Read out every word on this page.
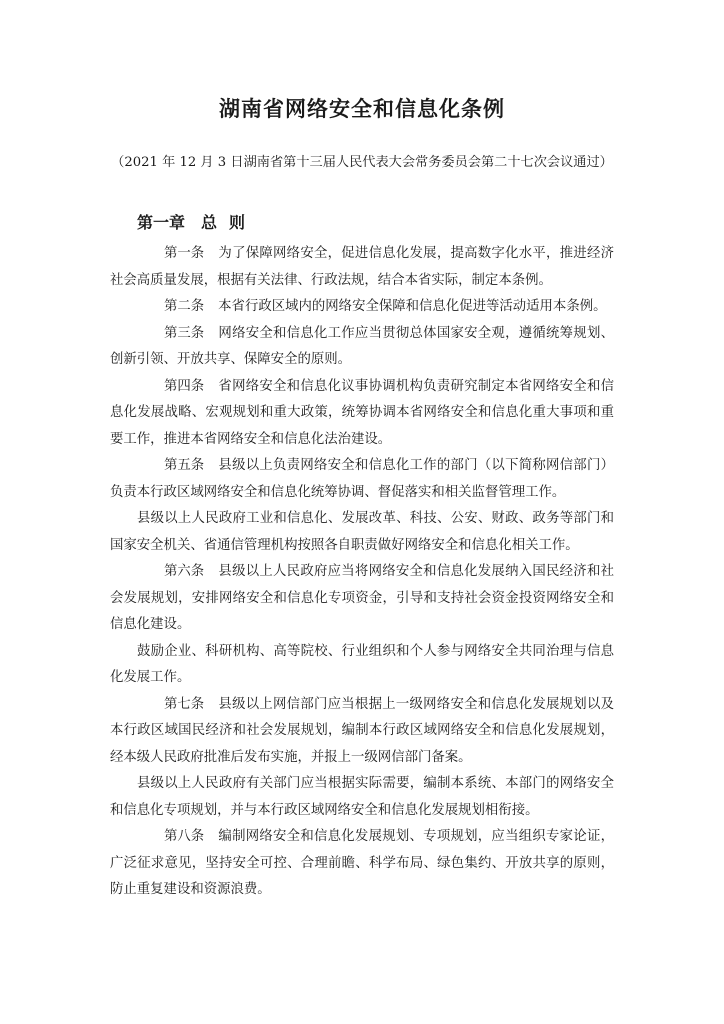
湖南省网络安全和信息化条例

（2021 年 12 月 3 日湖南省第十三届人民代表大会常务委员会第二十七次会议通过）

第一章 总 则

第一条 为了保障网络安全，促进信息化发展，提高数字化水平，推进经济社会高质量发展，根据有关法律、行政法规，结合本省实际，制定本条例。

第二条 本省行政区域内的网络安全保障和信息化促进等活动适用本条例。

第三条 网络安全和信息化工作应当贯彻总体国家安全观，遵循统筹规划、创新引领、开放共享、保障安全的原则。

第四条 省网络安全和信息化议事协调机构负责研究制定本省网络安全和信息化发展战略、宏观规划和重大政策，统筹协调本省网络安全和信息化重大事项和重要工作，推进本省网络安全和信息化法治建设。

第五条 县级以上负责网络安全和信息化工作的部门（以下简称网信部门）负责本行政区域网络安全和信息化统筹协调、督促落实和相关监督管理工作。

县级以上人民政府工业和信息化、发展改革、科技、公安、财政、政务等部门和国家安全机关、省通信管理机构按照各自职责做好网络安全和信息化相关工作。

第六条 县级以上人民政府应当将网络安全和信息化发展纳入国民经济和社会发展规划，安排网络安全和信息化专项资金，引导和支持社会资金投资网络安全和信息化建设。

鼓励企业、科研机构、高等院校、行业组织和个人参与网络安全共同治理与信息化发展工作。

第七条 县级以上网信部门应当根据上一级网络安全和信息化发展规划以及本行政区域国民经济和社会发展规划，编制本行政区域网络安全和信息化发展规划，经本级人民政府批准后发布实施，并报上一级网信部门备案。

县级以上人民政府有关部门应当根据实际需要，编制本系统、本部门的网络安全和信息化专项规划，并与本行政区域网络安全和信息化发展规划相衔接。

第八条 编制网络安全和信息化发展规划、专项规划，应当组织专家论证，广泛征求意见，坚持安全可控、合理前瞻、科学布局、绿色集约、开放共享的原则，防止重复建设和资源浪费。
